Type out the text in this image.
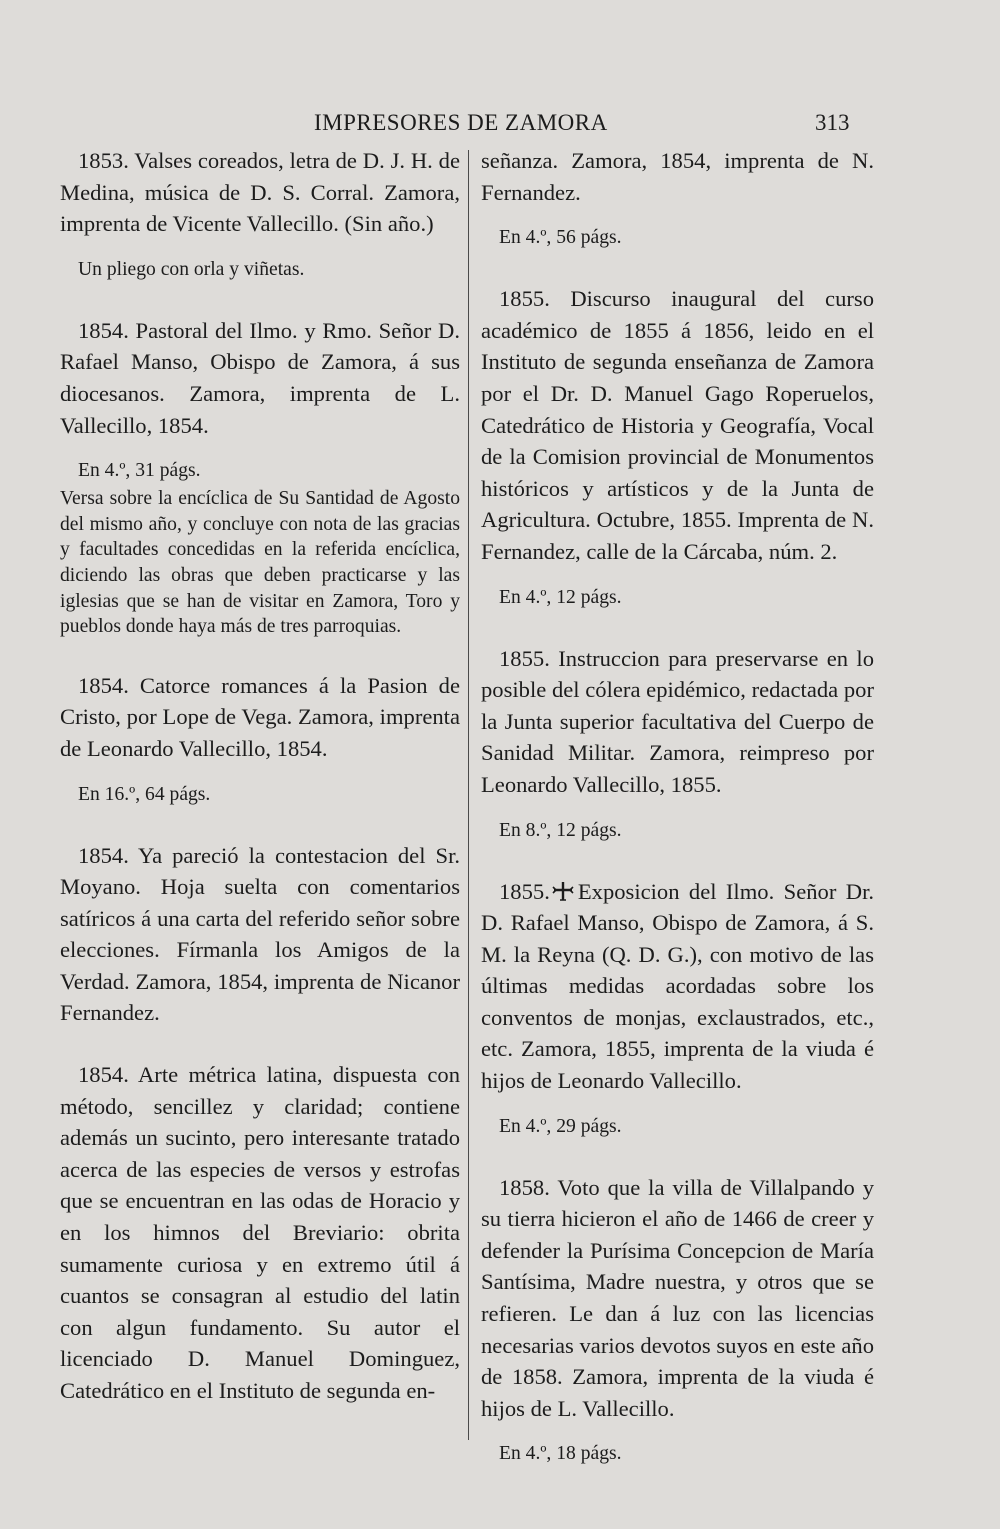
IMPRESORES DE ZAMORA	313

1853. Valses coreados, letra de D. J. H. de Medina, música de D. S. Corral. Zamora, imprenta de Vicente Vallecillo. (Sin año.)

Un pliego con orla y viñetas.

1854. Pastoral del Ilmo. y Rmo. Señor D. Rafael Manso, Obispo de Zamora, á sus diocesanos. Zamora, imprenta de L. Vallecillo, 1854.

En 4.º, 31 págs.

Versa sobre la encíclica de Su Santidad de Agosto del mismo año, y concluye con nota de las gracias y facultades concedidas en la referida encíclica, diciendo las obras que deben practicarse y las iglesias que se han de visitar en Zamora, Toro y pueblos donde haya más de tres parroquias.

1854. Catorce romances á la Pasion de Cristo, por Lope de Vega. Zamora, imprenta de Leonardo Vallecillo, 1854.

En 16.º, 64 págs.

1854. Ya pareció la contestacion del Sr. Moyano. Hoja suelta con comentarios satíricos á una carta del referido señor sobre elecciones. Fírmanla los Amigos de la Verdad. Zamora, 1854, imprenta de Nicanor Fernandez.

1854. Arte métrica latina, dispuesta con método, sencillez y claridad; contiene además un sucinto, pero interesante tratado acerca de las especies de versos y estrofas que se encuentran en las odas de Horacio y en los himnos del Breviario: obrita sumamente curiosa y en extremo útil á cuantos se consagran al estudio del latin con algun fundamento. Su autor el licenciado D. Manuel Dominguez, Catedrático en el Instituto de segunda en-

señanza. Zamora, 1854, imprenta de N. Fernandez.

En 4.º, 56 págs.

1855. Discurso inaugural del curso académico de 1855 á 1856, leido en el Instituto de segunda enseñanza de Zamora por el Dr. D. Manuel Gago Roperuelos, Catedrático de Historia y Geografía, Vocal de la Comision provincial de Monumentos históricos y artísticos y de la Junta de Agricultura. Octubre, 1855. Imprenta de N. Fernandez, calle de la Cárcaba, núm. 2.

En 4.º, 12 págs.

1855. Instruccion para preservarse en lo posible del cólera epidémico, redactada por la Junta superior facultativa del Cuerpo de Sanidad Militar. Zamora, reimpreso por Leonardo Vallecillo, 1855.

En 8.º, 12 págs.

1855. Exposicion del Ilmo. Señor Dr. D. Rafael Manso, Obispo de Zamora, á S. M. la Reyna (Q. D. G.), con motivo de las últimas medidas acordadas sobre los conventos de monjas, exclaustrados, etc., etc. Zamora, 1855, imprenta de la viuda é hijos de Leonardo Vallecillo.

En 4.º, 29 págs.

1858. Voto que la villa de Villalpando y su tierra hicieron el año de 1466 de creer y defender la Purísima Concepcion de María Santísima, Madre nuestra, y otros que se refieren. Le dan á luz con las licencias necesarias varios devotos suyos en este año de 1858. Zamora, imprenta de la viuda é hijos de L. Vallecillo.

En 4.º, 18 págs.
